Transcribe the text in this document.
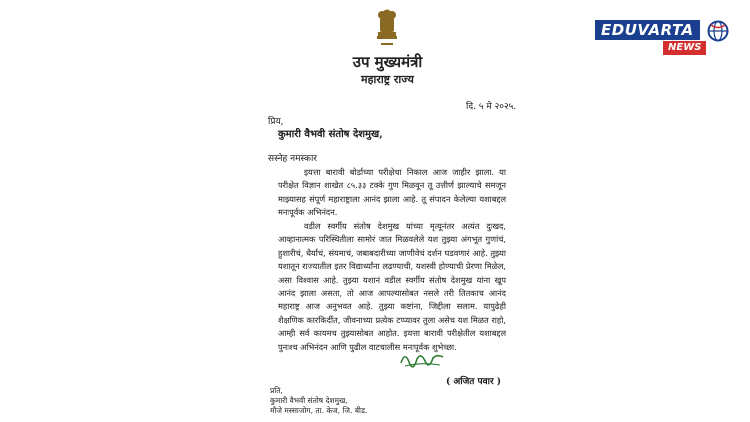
उप मुख्यमंत्री
महाराष्ट्र राज्य
EDUVARTA
NEWS
दि. ५ मे २०२५.
प्रिय,
कुमारी वैभवी संतोष देशमुख,
सस्नेह नमस्कार
इयत्ता बारावी बोर्डाच्या परीक्षेचा निकाल आज जाहीर झाला. या परीक्षेत विज्ञान शाखेत ८५.३३ टक्के गुण मिळवून तू उत्तीर्ण झाल्याचे समजून माझ्यासह संपूर्ण महाराष्ट्राला आनंद झाला आहे. तू संपादन केलेल्या यशाबद्दल मनःपूर्वक अभिनंदन.
वडील स्वर्गीय संतोष देशमुख यांच्या मृत्यूनंतर अत्यंत दुःखद, आव्हानात्मक परिस्थितीला सामोरं जात मिळवलेले यश तुझ्या अंगभूत गुणांचं, हुशारीचं, धैर्याचं, संयमाचं, जबाबदारीच्या जाणीवेचं दर्शन घडवणारं आहे. तुझ्या यशातून राज्यातील इतर विद्यार्थ्यांना लढण्याची, यशस्वी होण्याची प्रेरणा मिळेल, असा विश्वास आहे. तुझ्या यशानं वडील स्वर्गीय संतोष देशमुख यांना खूप आनंद झाला असता, तो आज आपल्यासोबत नसले तरी तितकाच आनंद महाराष्ट्र आज अनुभवत आहे. तुझ्या कष्टांना, जिद्दीला सलाम. यापुढेही शैक्षणिक कारकिर्दीत, जीवनाच्या प्रत्येक टप्प्यावर तुला असेच यश मिळत राहो, आम्ही सर्व कायमच तुझ्यासोबत आहोत. इयत्ता बारावी परीक्षेतील यशाबद्दल पुनःश्च अभिनंदन आणि पुढील वाटचालीस मनःपूर्वक शुभेच्छा.
( अजित पवार )
प्रति,
कुमारी वैभवी संतोष देशमुख,
मौजे मस्साजोग, ता. केज, जि. बीड.
